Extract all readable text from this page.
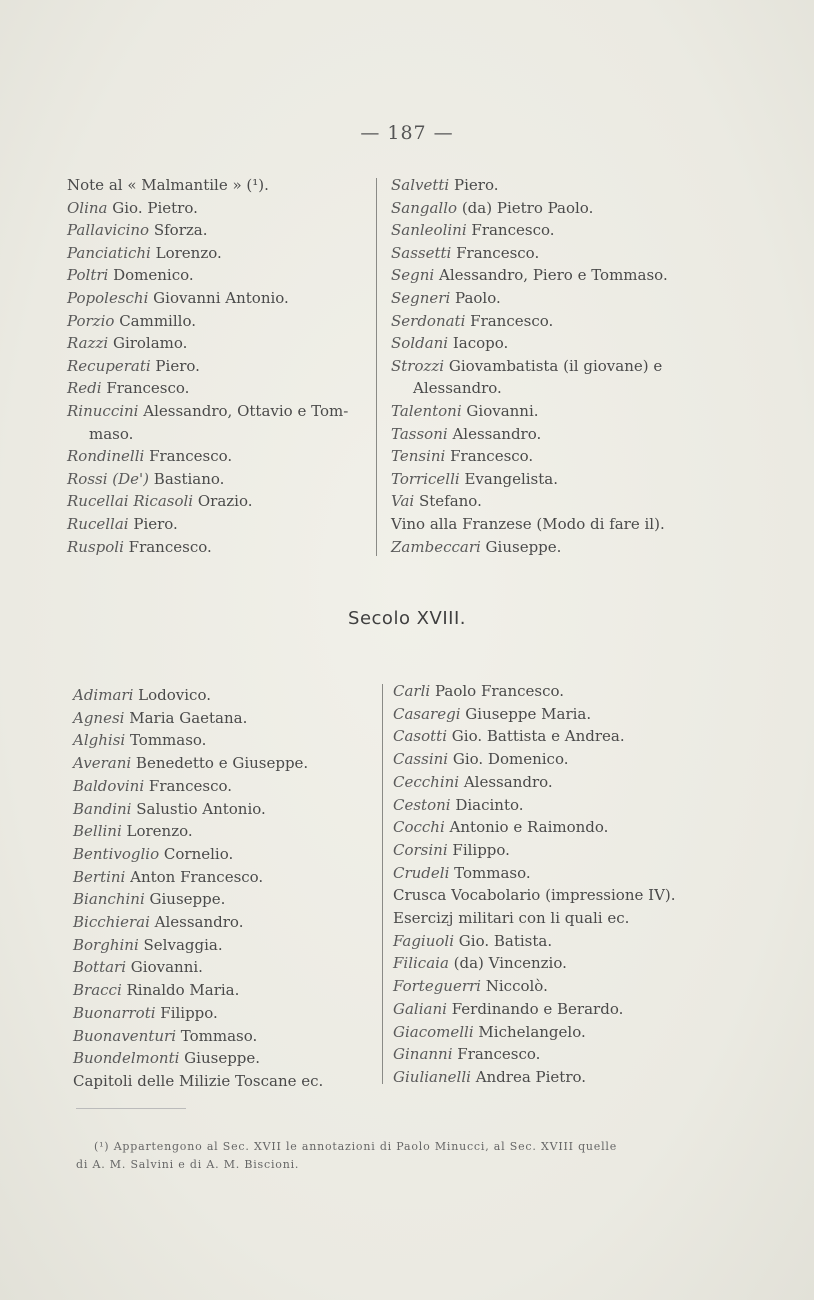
— 187 —
Note al « Malmantile » (¹).
Olina Gio. Pietro.
Pallavicino Sforza.
Panciatichi Lorenzo.
Poltri Domenico.
Popoleschi Giovanni Antonio.
Porzio Cammillo.
Razzi Girolamo.
Recuperati Piero.
Redi Francesco.
Rinuccini Alessandro, Ottavio e Tom-
maso.
Rondinelli Francesco.
Rossi (De') Bastiano.
Rucellai Ricasoli Orazio.
Rucellai Piero.
Ruspoli Francesco.
Salvetti Piero.
Sangallo (da) Pietro Paolo.
Sanleolini Francesco.
Sassetti Francesco.
Segni Alessandro, Piero e Tommaso.
Segneri Paolo.
Serdonati Francesco.
Soldani Iacopo.
Strozzi Giovambatista (il giovane) e
Alessandro.
Talentoni Giovanni.
Tassoni Alessandro.
Tensini Francesco.
Torricelli Evangelista.
Vai Stefano.
Vino alla Franzese (Modo di fare il).
Zambeccari Giuseppe.
Secolo XVIII.
Adimari Lodovico.
Agnesi Maria Gaetana.
Alghisi Tommaso.
Averani Benedetto e Giuseppe.
Baldovini Francesco.
Bandini Salustio Antonio.
Bellini Lorenzo.
Bentivoglio Cornelio.
Bertini Anton Francesco.
Bianchini Giuseppe.
Bicchierai Alessandro.
Borghini Selvaggia.
Bottari Giovanni.
Bracci Rinaldo Maria.
Buonarroti Filippo.
Buonaventuri Tommaso.
Buondelmonti Giuseppe.
Capitoli delle Milizie Toscane ec.
Carli Paolo Francesco.
Casaregi Giuseppe Maria.
Casotti Gio. Battista e Andrea.
Cassini Gio. Domenico.
Cecchini Alessandro.
Cestoni Diacinto.
Cocchi Antonio e Raimondo.
Corsini Filippo.
Crudeli Tommaso.
Crusca Vocabolario (impressione IV).
Esercizj militari con li quali ec.
Fagiuoli Gio. Batista.
Filicaia (da) Vincenzio.
Forteguerri Niccolò.
Galiani Ferdinando e Berardo.
Giacomelli Michelangelo.
Ginanni Francesco.
Giulianelli Andrea Pietro.
(¹) Appartengono al Sec. XVII le annotazioni di Paolo Minucci, al Sec. XVIII quelle
di A. M. Salvini e di A. M. Biscioni.
